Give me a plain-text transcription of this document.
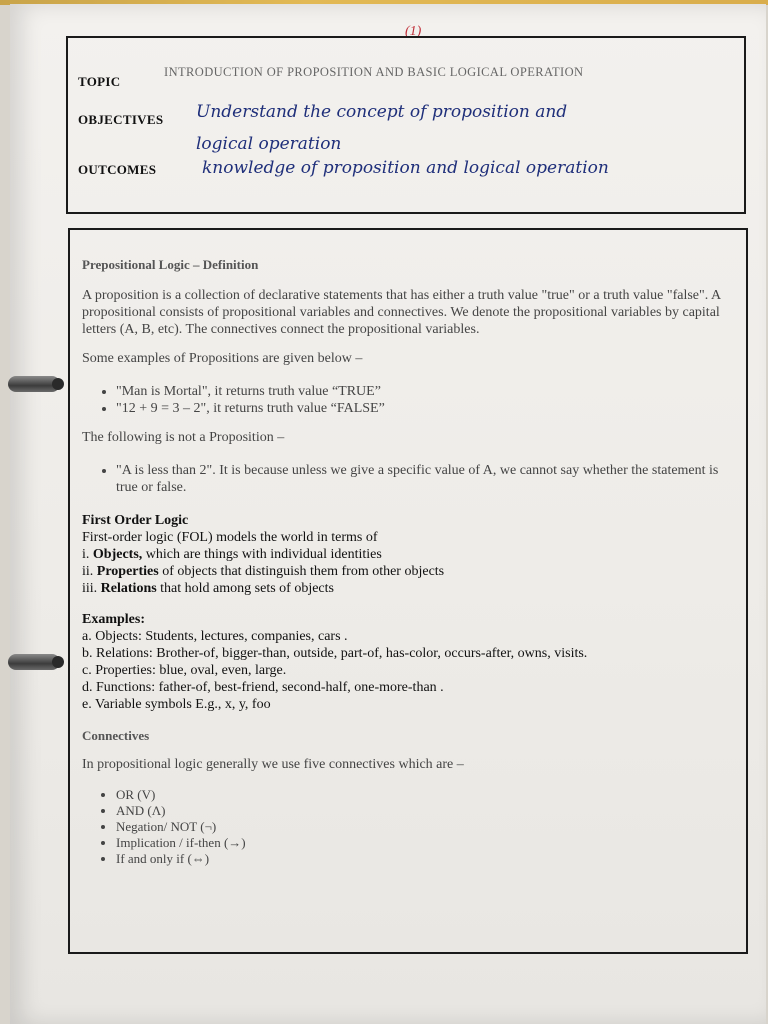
(1)
TOPIC
INTRODUCTION OF PROPOSITION AND BASIC LOGICAL OPERATION
OBJECTIVES Understand the concept of proposition and
logical operation
OUTCOMES	knowledge of proposition and logical operation
Prepositional Logic – Definition
A proposition is a collection of declarative statements that has either a truth value "true" or a truth value "false". A propositional consists of propositional variables and connectives. We denote the propositional variables by capital letters (A, B, etc). The connectives connect the propositional variables.
Some examples of Propositions are given below –
• "Man is Mortal", it returns truth value “TRUE”
• "12 + 9 = 3 – 2", it returns truth value “FALSE”
The following is not a Proposition –
• "A is less than 2". It is because unless we give a specific value of A, we cannot say whether the statement is true or false.
First Order Logic
First-order logic (FOL) models the world in terms of
i. Objects, which are things with individual identities
ii. Properties of objects that distinguish them from other objects
iii. Relations that hold among sets of objects
Examples:
a. Objects: Students, lectures, companies, cars .
b. Relations: Brother-of, bigger-than, outside, part-of, has-color, occurs-after, owns, visits.
c. Properties: blue, oval, even, large.
d. Functions: father-of, best-friend, second-half, one-more-than .
e. Variable symbols E.g., x, y, foo
Connectives
In propositional logic generally we use five connectives which are –
• OR (V)
• AND (Λ)
• Negation/ NOT (¬)
• Implication / if-then (→)
• If and only if (⇔)
